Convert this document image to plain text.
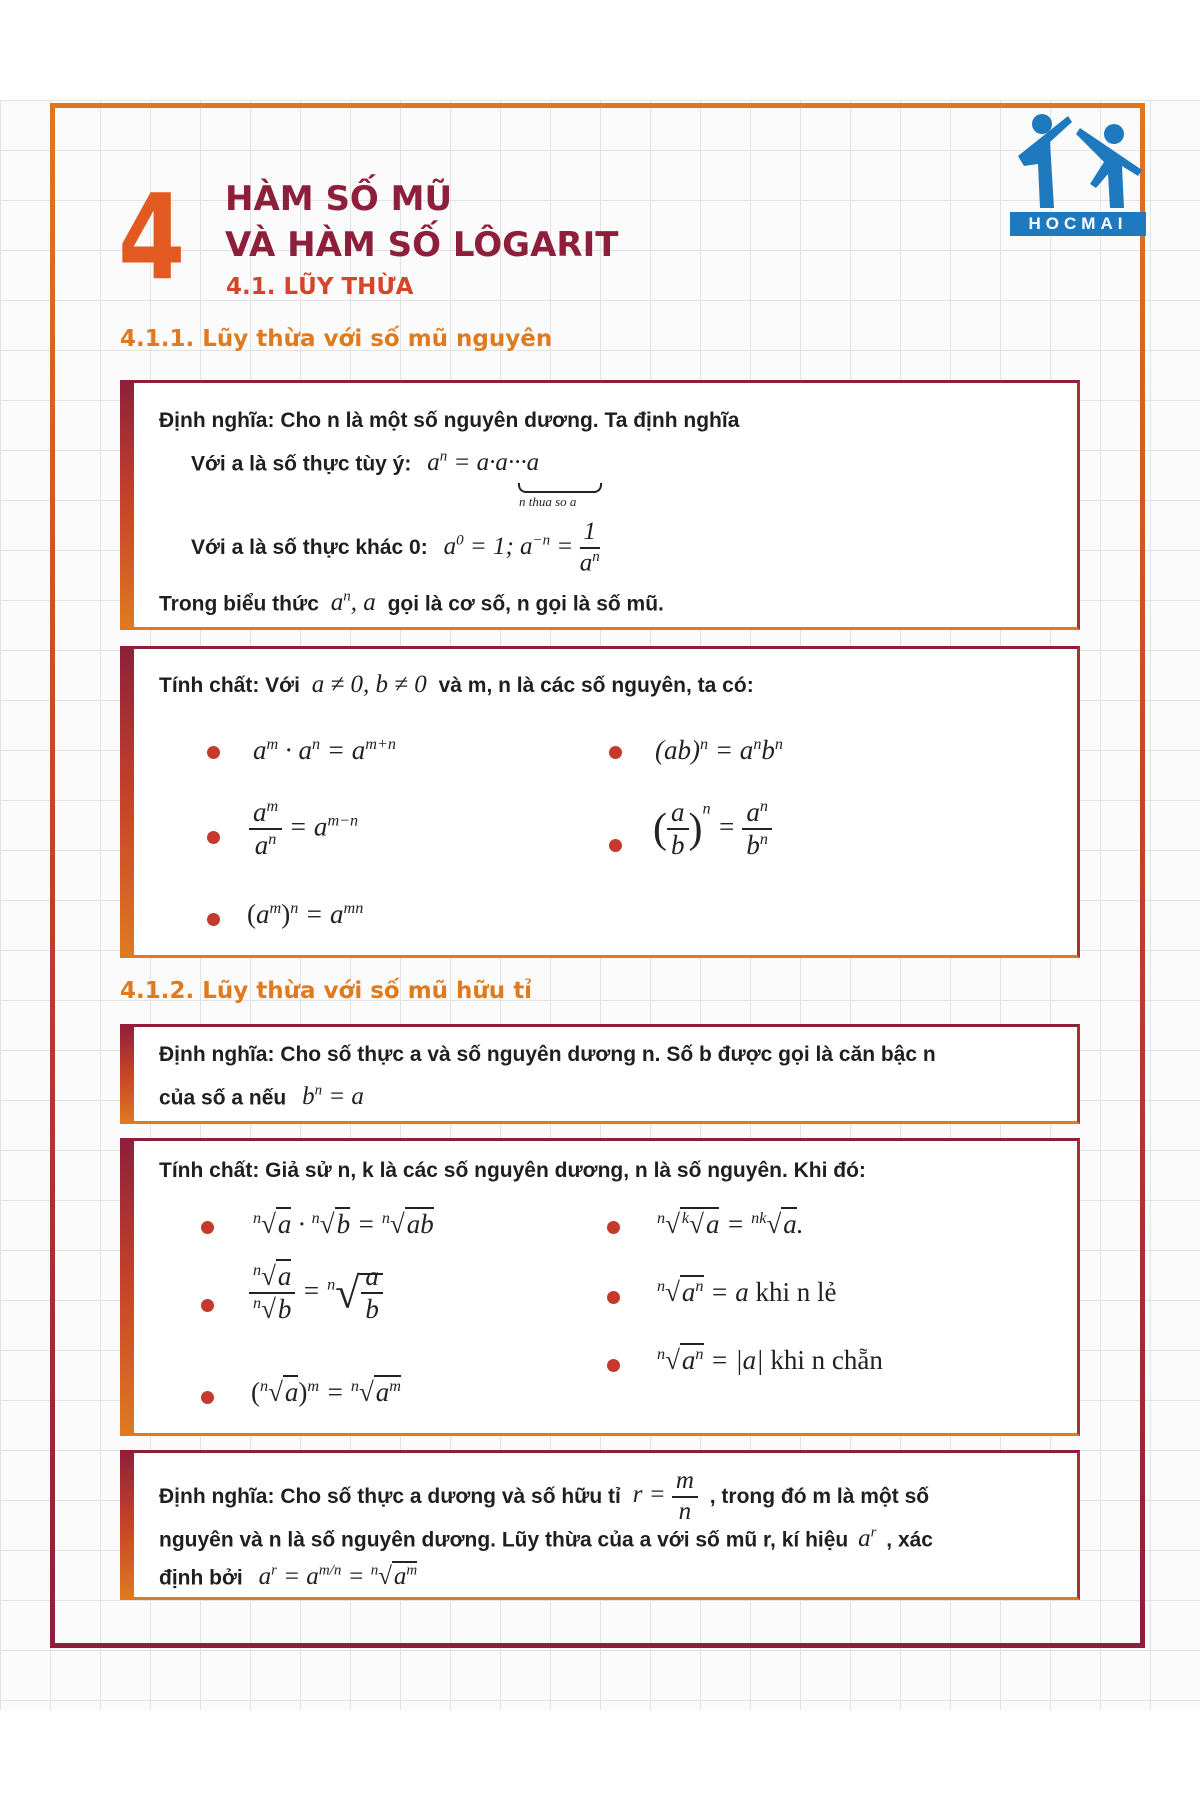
4 HÀM SỐ MŨ
VÀ HÀM SỐ LÔGARIT
4.1. LŨY THỪA
HOCMAI
4.1.1. Lũy thừa với số mũ nguyên
Định nghĩa: Cho n là một số nguyên dương. Ta định nghĩa
Với a là số thực tùy ý: $a^n = a\cdot a\cdot\cdot\cdot a$
n thua so a
Với a là số thực khác 0: $a^0 = 1$; $a^{-n} = \frac{1}{a^n}$
Trong biểu thức $a^n$, a gọi là cơ số, n gọi là số mũ.
Tính chất: Với a ≠ 0, b ≠ 0 và m, n là các số nguyên, ta có:
$a^m \cdot a^n = a^{m+n}$	$(ab)^n = a^nb^n$
$\frac{a^m}{a^n} = a^{m-n}$	( $\frac{a}{b} )^n = \frac{a^n}{b^n}$
$(a^m)^n = a^{mn}$
4.1.2. Lũy thừa với số mũ hữu tỉ
Định nghĩa: Cho số thực a và số nguyên dương n. Số b được gọi là căn bậc n
của số a nếu $b^n = a$
Tính chất: Giả sử n, k là các số nguyên dương, n là số nguyên. Khi đó:
$^n$√a · $^n$√b = $^n$√ab	$^n$√ $^k$√a = $^{nk}$√a.
$\frac{^n√a}{^n√b} = ^n√ \frac{a}{b}$	$^n√a^n = a$ khi n lẻ
$^n√a^n = |a|$ khi n chẵn
$(^n√a)^m = ^n√a^m$
Định nghĩa: Cho số thực a dương và số hữu tỉ $r = \frac{m}{n}$ , trong đó m là một số
nguyên và n là số nguyên dương. Lũy thừa của a với số mũ r, kí hiệu $a^r$ , xác
định bởi $a^r = a^{m/n} = ^n√a^m$
